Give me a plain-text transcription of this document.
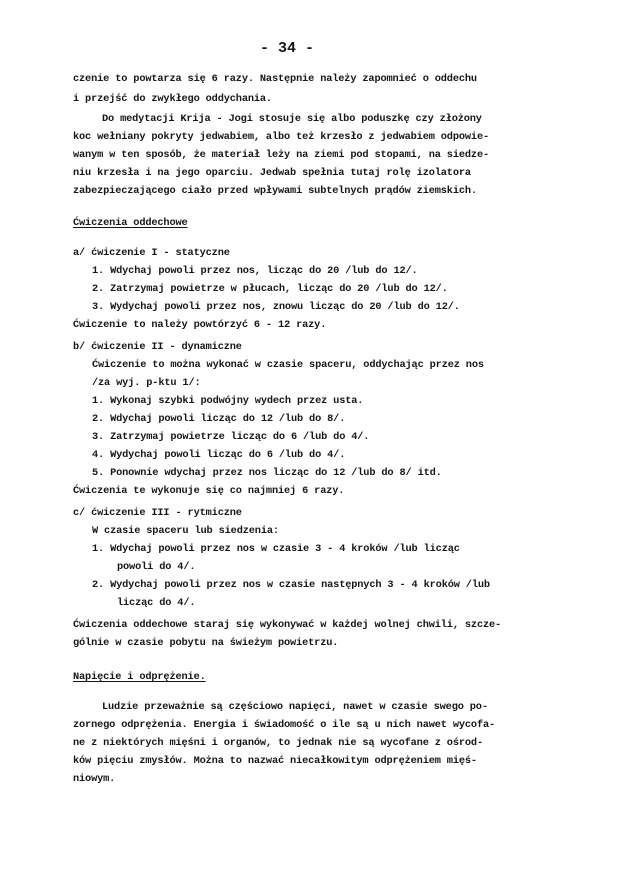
- 34 -
czenie to powtarza się 6 razy. Następnie należy zapomnieć o oddechu
i przejść do zwykłego oddychania.
Do medytacji Krija - Jogi stosuje się albo poduszkę czy złożony
koc wełniany pokryty jedwabiem, albo też krzesło z jedwabiem odpowie-
wanym w ten sposób, że materiał leży na ziemi pod stopami, na siedze-
niu krzesła i na jego oparciu. Jedwab spełnia tutaj rolę izolatora
zabezpieczającego ciało przed wpływami subtelnych prądów ziemskich.
Ćwiczenia oddechowe
a/ ćwiczenie I - statyczne
1. Wdychaj powoli przez nos, licząc do 20 /lub do 12/.
2. Zatrzymaj powietrze w płucach, licząc do 20 /lub do 12/.
3. Wydychaj powoli przez nos, znowu licząc do 20 /lub do 12/.
Ćwiczenie to należy powtórzyć 6 - 12 razy.
b/ ćwiczenie II - dynamiczne
Ćwiczenie to można wykonać w czasie spaceru, oddychając przez nos
/za wyj. p-ktu 1/:
1. Wykonaj szybki podwójny wydech przez usta.
2. Wdychaj powoli licząc do 12 /lub do 8/.
3. Zatrzymaj powietrze licząc do 6 /lub do 4/.
4. Wydychaj powoli licząc do 6 /lub do 4/.
5. Ponownie wdychaj przez nos licząc do 12 /lub do 8/ itd.
Ćwiczenia te wykonuje się co najmniej 6 razy.
c/ ćwiczenie III - rytmiczne
W czasie spaceru lub siedzenia:
1. Wdychaj powoli przez nos w czasie 3 - 4 kroków /lub licząc
powoli do 4/.
2. Wydychaj powoli przez nos w czasie następnych 3 - 4 kroków /lub
licząc do 4/.
Ćwiczenia oddechowe staraj się wykonywać w każdej wolnej chwili, szcze-
gólnie w czasie pobytu na świeżym powietrzu.
Napięcie i odprężenie.
Ludzie przeważnie są częściowo napięci, nawet w czasie swego po-
zornego odprężenia. Energia i świadomość o ile są u nich nawet wycofa-
ne z niektórych mięśni i organów, to jednak nie są wycofane z ośrod-
ków pięciu zmysłów. Można to nazwać niecałkowitym odprężeniem mięś-
niowym.
